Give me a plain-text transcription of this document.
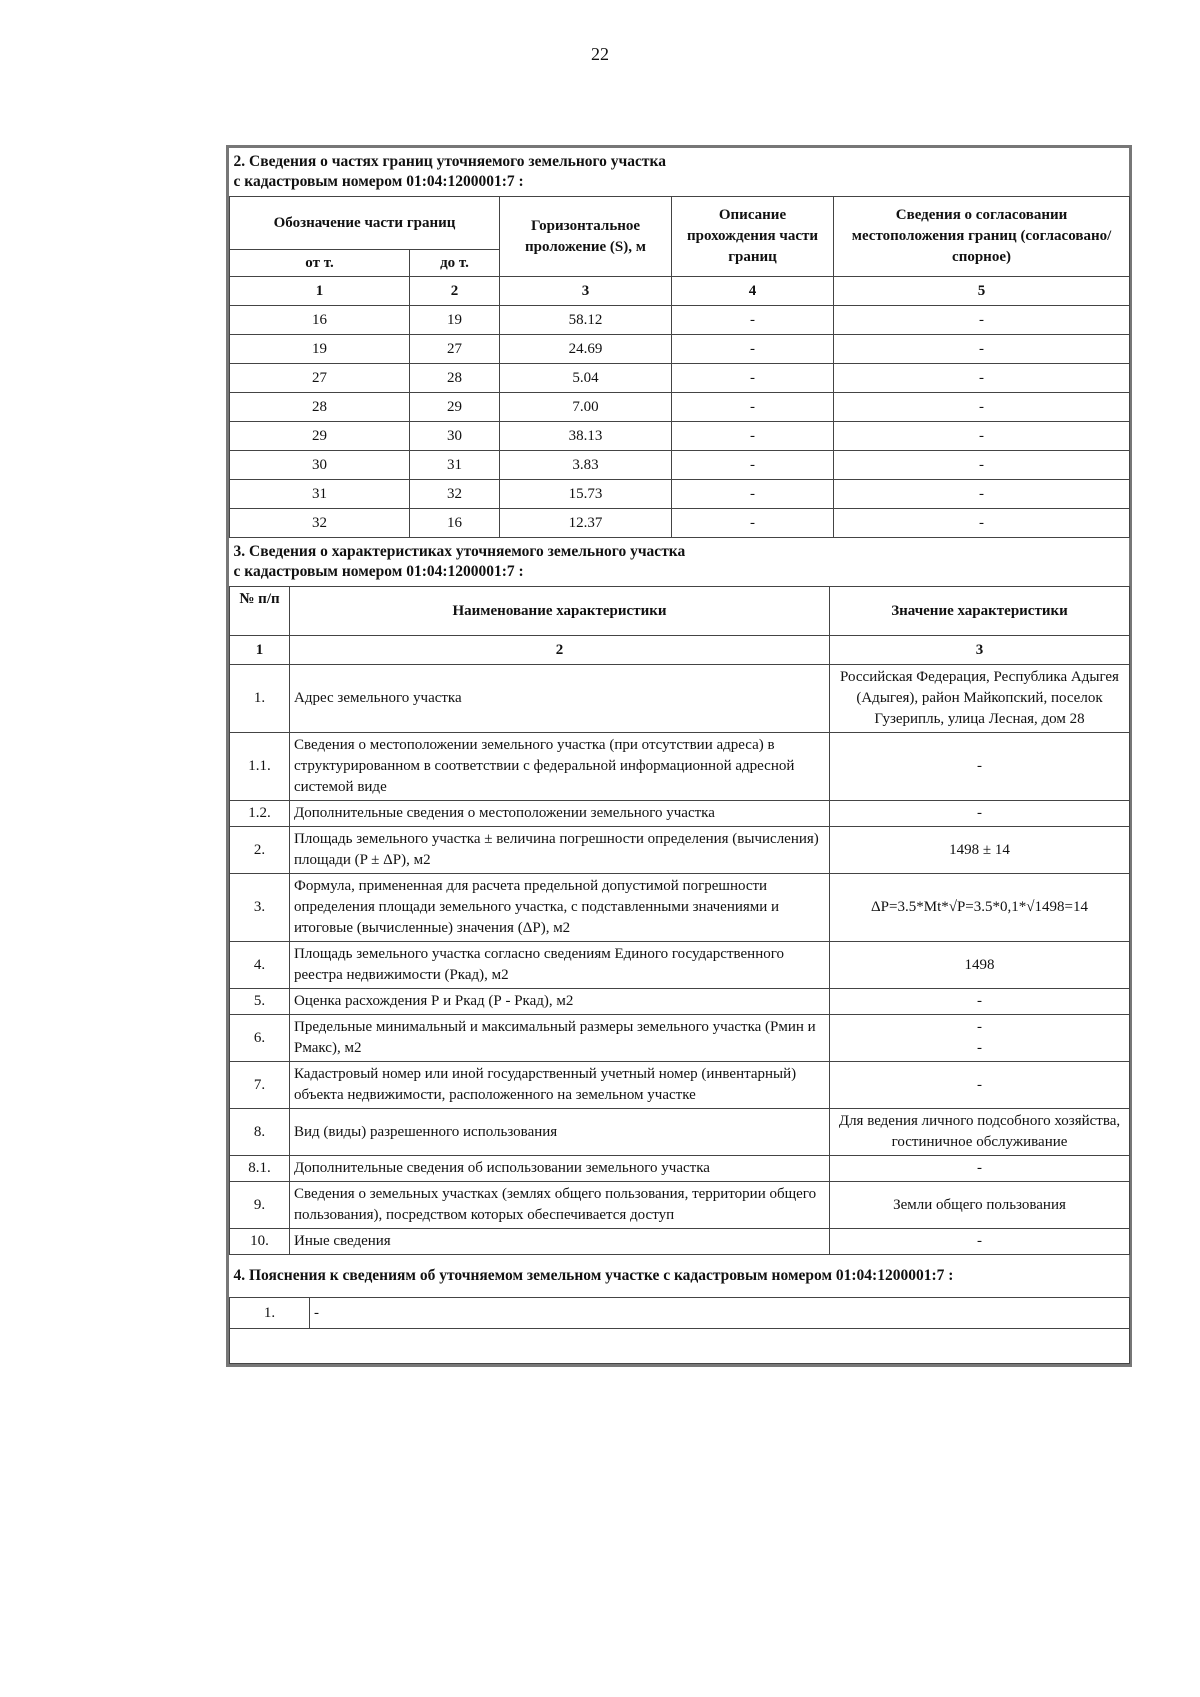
22
2. Сведения о частях границ уточняемого земельного участка
с кадастровым номером 01:04:1200001:7 :				

Обозначение части границ		Горизонтальное проложение (S), м	Описание прохождения части границ	Сведения о согласовании местоположения границ (согласовано/спорное)
от т.	до т.			
1	2	3	4	5
16	19	58.12	-	-
19	27	24.69	-	-
27	28	5.04	-	-
28	29	7.00	-	-
29	30	38.13	-	-
30	31	3.83	-	-
31	32	15.73	-	-
32	16	12.37	-	-
3. Сведения о характеристиках уточняемого земельного участка
с кадастровым номером 01:04:1200001:7 :		

№ п/п	Наименование характеристики	Значение характеристики
1	2	3
1.	Адрес земельного участка	Российская Федерация, Республика Адыгея (Адыгея), район Майкопский, поселок Гузерипль, улица Лесная, дом 28
1.1.	Сведения о местоположении земельного участка (при отсутствии адреса) в структурированном в соответствии с федеральной информационной адресной системой виде	-
1.2.	Дополнительные сведения о местоположении земельного участка	-
2.	Площадь земельного участка ± величина погрешности определения (вычисления) площади (P ± ΔP), м2	1498 ± 14
3.	Формула, примененная для расчета предельной допустимой погрешности определения площади земельного участка, с подставленными значениями и итоговые (вычисленные) значения (ΔP), м2	ΔP=3.5*Mt*√P=3.5*0,1*√1498=14
4.	Площадь земельного участка согласно сведениям Единого государственного реестра недвижимости (Ркад), м2	1498
5.	Оценка расхождения Р и Ркад (Р - Ркад), м2	-
6.	Предельные минимальный и максимальный размеры земельного участка (Рмин и Рмакс), м2	-
-
7.	Кадастровый номер или иной государственный учетный номер (инвентарный) объекта недвижимости, расположенного на земельном участке	-
8.	Вид (виды) разрешенного использования	Для ведения личного подсобного хозяйства, гостиничное обслуживание
8.1.	Дополнительные сведения об использовании земельного участка	-
9.	Сведения о земельных участках (землях общего пользования, территории общего пользования), посредством которых обеспечивается доступ	Земли общего пользования
10.	Иные сведения	-
4. Пояснения к сведениям об уточняемом земельном участке с кадастровым номером 01:04:1200001:7 :
1.	-
